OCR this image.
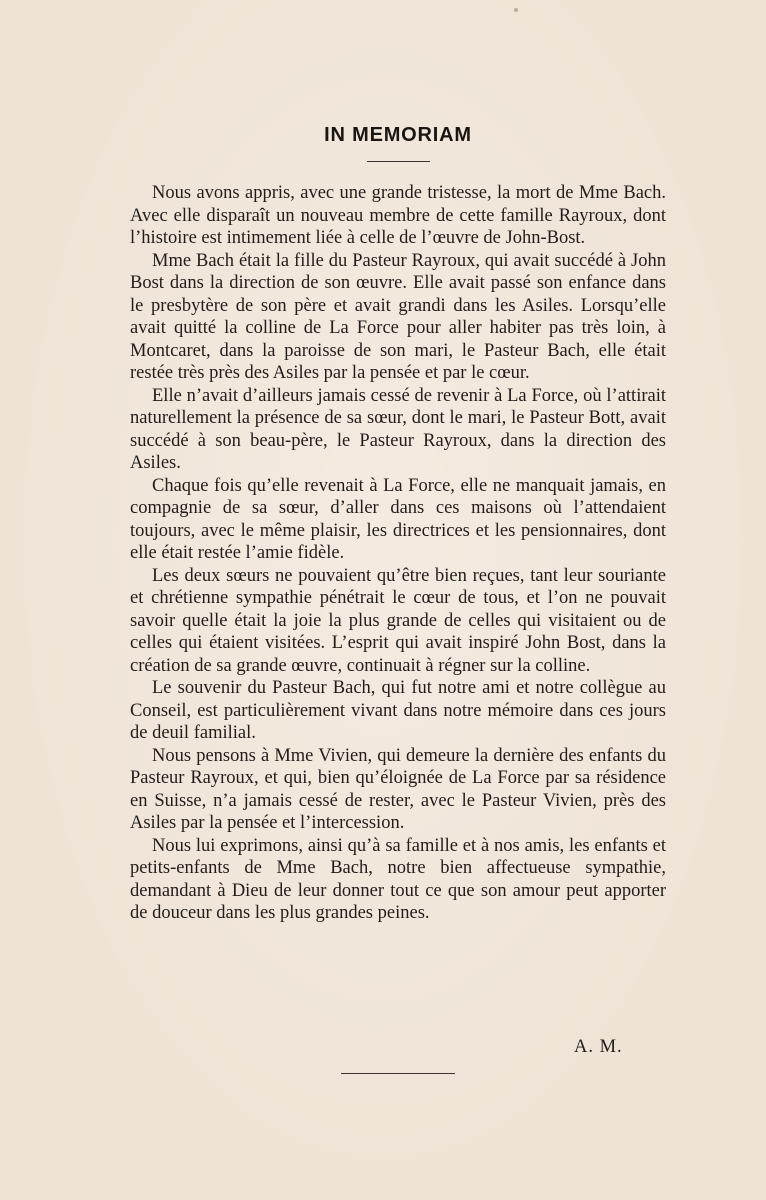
IN MEMORIAM

Nous avons appris, avec une grande tristesse, la mort de Mme Bach. Avec elle disparaît un nouveau membre de cette famille Rayroux, dont l’histoire est intimement liée à celle de l’œuvre de John-Bost.

Mme Bach était la fille du Pasteur Rayroux, qui avait succédé à John Bost dans la direction de son œuvre. Elle avait passé son enfance dans le presbytère de son père et avait grandi dans les Asiles. Lorsqu’elle avait quitté la colline de La Force pour aller habiter pas très loin, à Montcaret, dans la paroisse de son mari, le Pasteur Bach, elle était restée très près des Asiles par la pensée et par le cœur.

Elle n’avait d’ailleurs jamais cessé de revenir à La Force, où l’attirait naturellement la présence de sa sœur, dont le mari, le Pasteur Bott, avait succédé à son beau-père, le Pasteur Rayroux, dans la direction des Asiles.

Chaque fois qu’elle revenait à La Force, elle ne manquait jamais, en compagnie de sa sœur, d’aller dans ces maisons où l’attendaient toujours, avec le même plaisir, les directrices et les pensionnaires, dont elle était restée l’amie fidèle.

Les deux sœurs ne pouvaient qu’être bien reçues, tant leur souriante et chrétienne sympathie pénétrait le cœur de tous, et l’on ne pouvait savoir quelle était la joie la plus grande de celles qui visitaient ou de celles qui étaient visitées. L’esprit qui avait inspiré John Bost, dans la création de sa grande œuvre, continuait à régner sur la colline.

Le souvenir du Pasteur Bach, qui fut notre ami et notre collègue au Conseil, est particulièrement vivant dans notre mémoire dans ces jours de deuil familial.

Nous pensons à Mme Vivien, qui demeure la dernière des enfants du Pasteur Rayroux, et qui, bien qu’éloignée de La Force par sa résidence en Suisse, n’a jamais cessé de rester, avec le Pasteur Vivien, près des Asiles par la pensée et l’intercession.

Nous lui exprimons, ainsi qu’à sa famille et à nos amis, les enfants et petits-enfants de Mme Bach, notre bien affectueuse sympathie, demandant à Dieu de leur donner tout ce que son amour peut apporter de douceur dans les plus grandes peines.

A. M.
